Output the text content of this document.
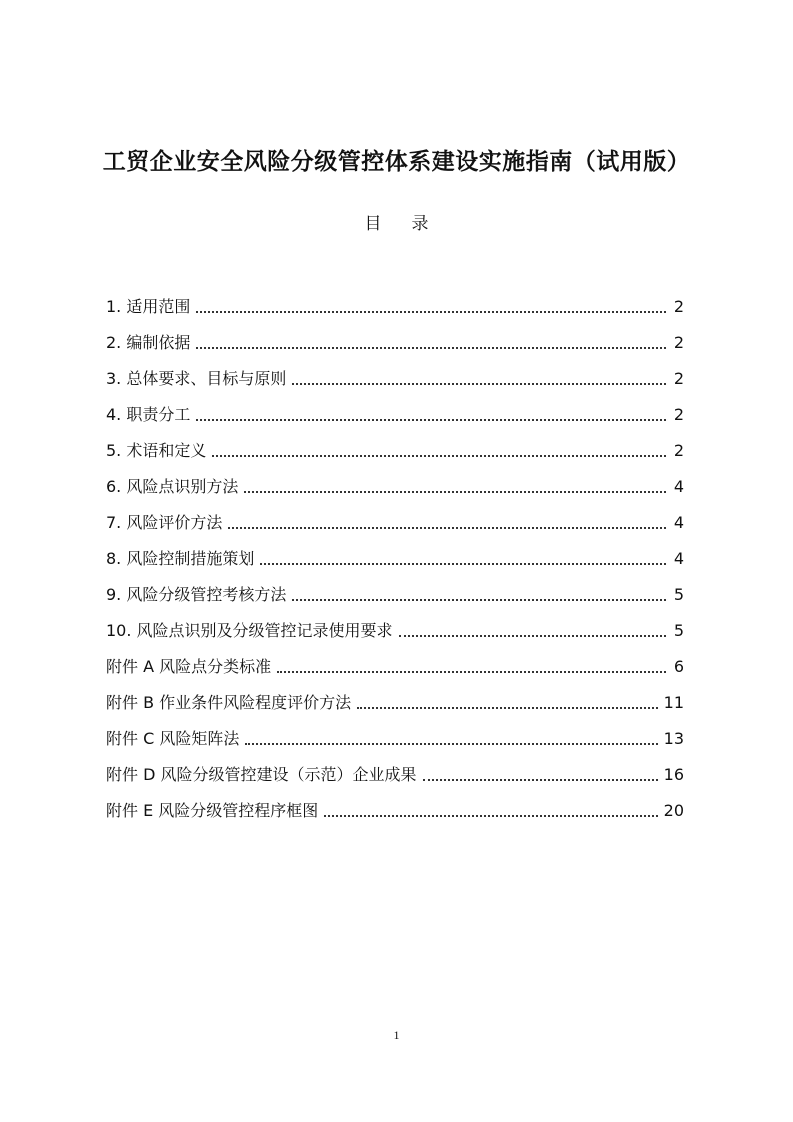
工贸企业安全风险分级管控体系建设实施指南（试用版）
目录
1. 适用范围	2
2. 编制依据	2
3. 总体要求、目标与原则	2
4. 职责分工	2
5. 术语和定义	2
6. 风险点识别方法	4
7. 风险评价方法	4
8. 风险控制措施策划	4
9. 风险分级管控考核方法	5
10. 风险点识别及分级管控记录使用要求	5
附件 A 风险点分类标准	6
附件 B 作业条件风险程度评价方法	11
附件 C 风险矩阵法	13
附件 D 风险分级管控建设（示范）企业成果	16
附件 E 风险分级管控程序框图	20
1
